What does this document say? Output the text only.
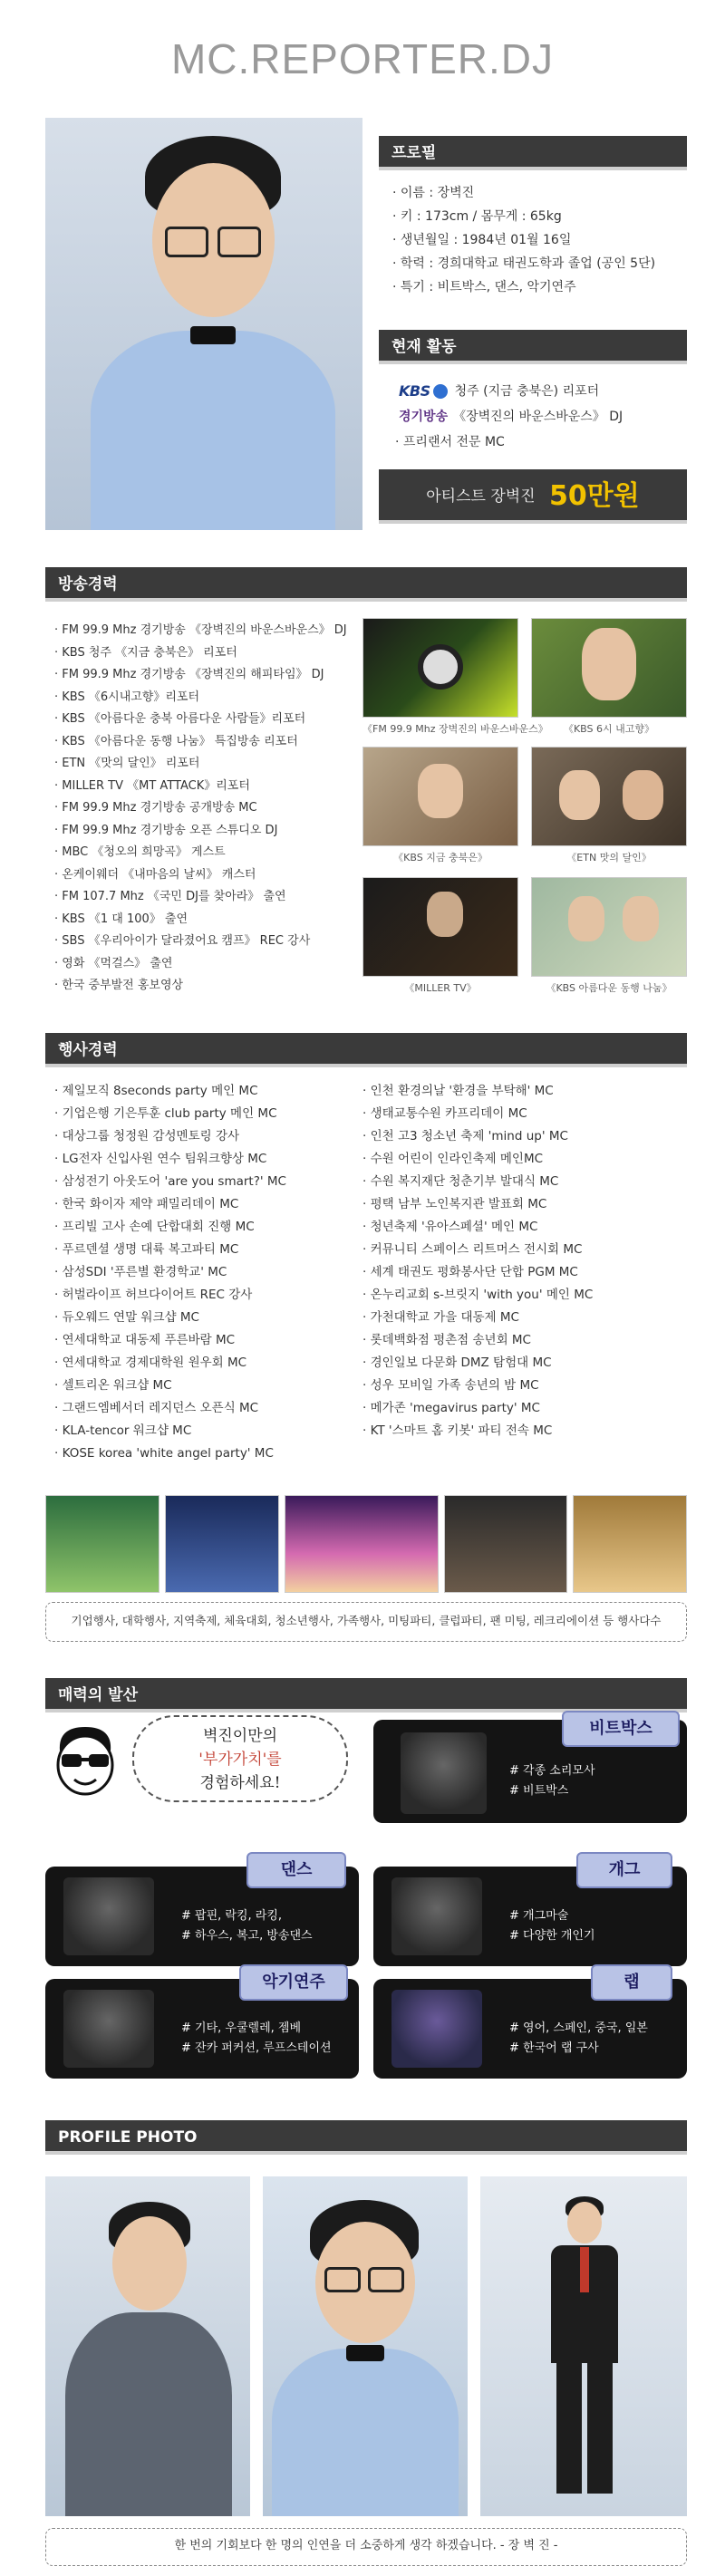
MC.REPORTER.DJ
프로필
· 이름 : 장벽진
· 키 : 173cm / 몸무게 : 65kg
· 생년월일 : 1984년 01월 16일
· 학력 : 경희대학교 태권도학과 졸업 (공인 5단)
· 특기 : 비트박스, 댄스, 악기연주
현재 활동
KBS	청주 (지금 충북은) 리포터
경기방송 《장벽진의 바운스바운스》 DJ
· 프리랜서 전문 MC
아티스트 장벽진 50만원
방송경력
· FM 99.9 Mhz 경기방송 《장벽진의 바운스바운스》 DJ
· KBS 청주 《지금 충북은》 리포터
· FM 99.9 Mhz 경기방송 《장벽진의 해피타임》 DJ
· KBS 《6시내고향》리포터
· KBS 《아름다운 충북 아름다운 사람들》리포터
· KBS 《아름다운 동행 나눔》 특집방송 리포터
· ETN 《맛의 달인》 리포터
· MILLER TV 《MT ATTACK》리포터
· FM 99.9 Mhz 경기방송 공개방송 MC
· FM 99.9 Mhz 경기방송 오픈 스튜디오 DJ
· MBC 《청오의 희망곡》 게스트
· 온케이웨더 《내마음의 날씨》 캐스터
· FM 107.7 Mhz 《국민 DJ를 찾아라》 출연
· KBS 《1 대 100》 출연
· SBS 《우리아이가 달라졌어요 캠프》 REC 강사
· 영화 《먹걸스》 출연
· 한국 중부발전 홍보영상
《FM 99.9 Mhz 장벽진의 바운스바운스》	《KBS 6시 내고향》
《KBS 지금 충북은》	《ETN 맛의 달인》
《MILLER TV》	《KBS 아름다운 동행 나눔》
행사경력
· 제일모직 8seconds party 메인 MC
· 기업은행 기은투훈 club party 메인 MC
· 대상그룹 청정원 감성멘토링 강사
· LG전자 신입사원 연수 팀워크향상 MC
· 삼성전기 아웃도어 'are you smart?' MC
· 한국 화이자 제약 패밀리데이 MC
· 프리빌 고사 손예 단합대회 진행 MC
· 푸르덴셜 생명 대륙 복고파티 MC
· 삼성SDI '푸른별 환경학교' MC
· 허벌라이프 허브다이어트 REC 강사
· 듀오웨드 연말 워크샵 MC
· 연세대학교 대동제 푸른바람 MC
· 연세대학교 경제대학원 원우회 MC
· 셀트리온 워크샵 MC
· 그랜드엠베서더 레지던스 오픈식 MC
· KLA-tencor 워크샵 MC
· KOSE korea 'white angel party' MC
· 인천 환경의날 '환경을 부탁해' MC
· 생태교통수원 카프리데이 MC
· 인천 고3 청소년 축제 'mind up' MC
· 수원 어린이 인라인축제 메인MC
· 수원 복지재단 청춘기부 발대식 MC
· 평택 남부 노인복지관 발표회 MC
· 청년축제 '유아스페셜' 메인 MC
· 커뮤니티 스페이스 리트머스 전시회 MC
· 세계 태권도 평화봉사단 단합 PGM MC
· 온누리교회 s-브릿지 'with you' 메인 MC
· 가천대학교 가을 대동제 MC
· 롯데백화점 평촌점 송년회 MC
· 경인일보 다문화 DMZ 탐험대 MC
· 성우 모비일 가족 송년의 밤 MC
· 메가존 'megavirus party' MC
· KT '스마트 홈 키봇' 파티 전속 MC
기업행사, 대학행사, 지역축제, 체육대회, 청소년행사, 가족행사, 미팅파티, 클럽파티, 팬 미팅, 레크리에이션 등 행사다수
매력의 발산
벽진이만의
'부가가치'를
경험하세요!
# 각종 소리모사
# 비트박스
비트박스
# 팝핀, 락킹, 라킹,
# 하우스, 복고, 방송댄스
댄스
# 개그마술
# 다양한 개인기
개그
# 기타, 우쿨렐레, 젬베
# 잔카 퍼커션, 루프스테이션
악기연주
# 영어, 스페인, 중국, 일본
# 한국어 랩 구사
랩
PROFILE PHOTO
한 번의 기회보다 한 명의 인연을 더 소중하게 생각 하겠습니다. - 장 벽 진 -
